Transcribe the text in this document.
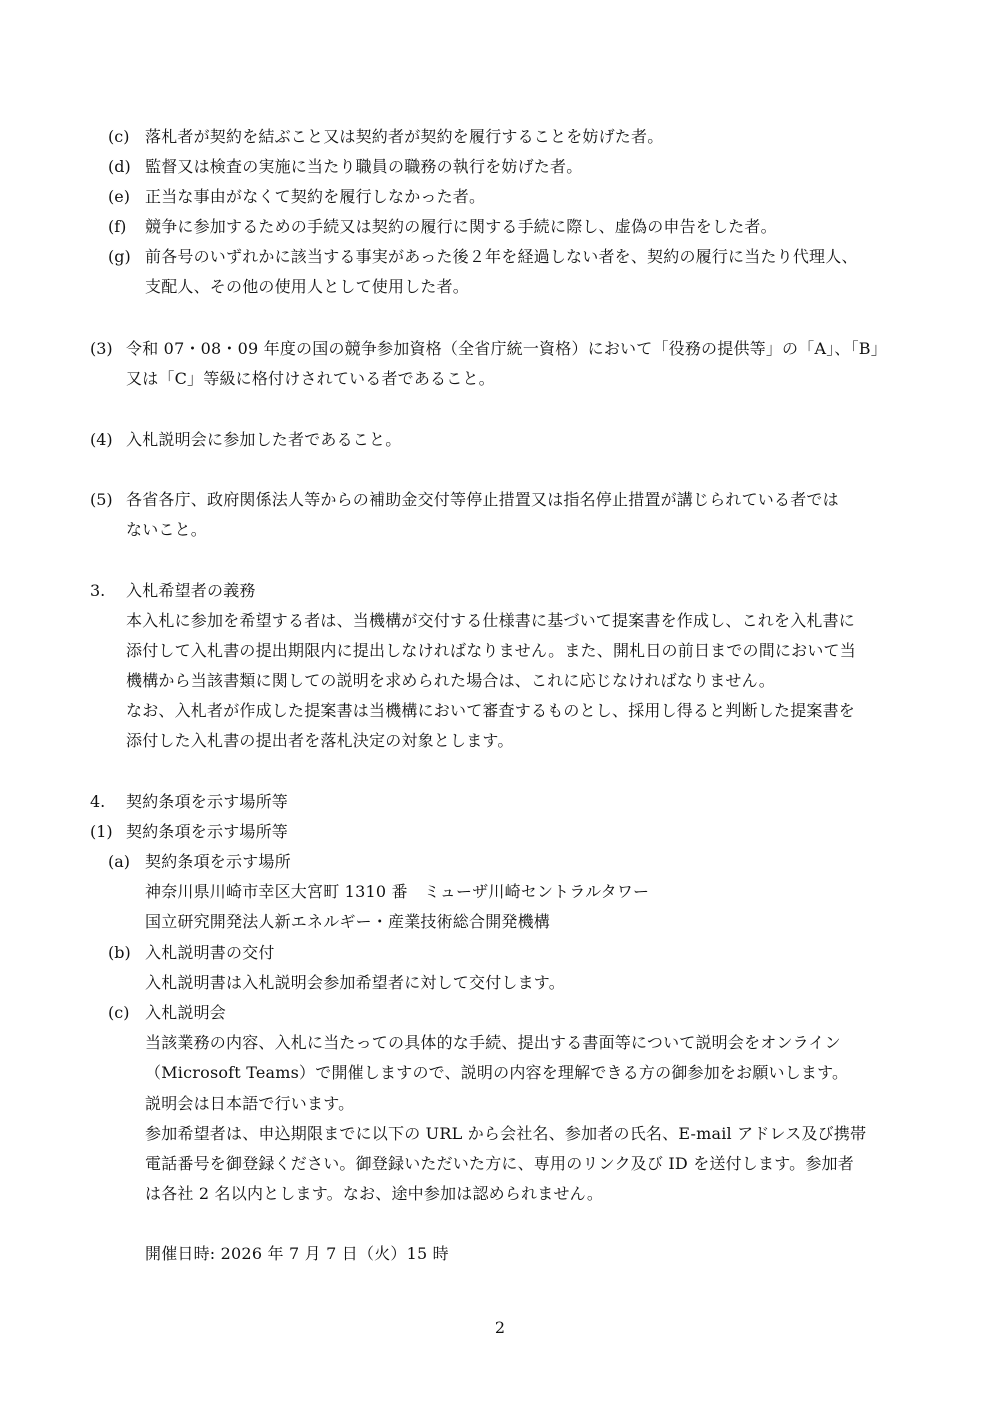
(c) 落札者が契約を結ぶこと又は契約者が契約を履行することを妨げた者。
(d) 監督又は検査の実施に当たり職員の職務の執行を妨げた者。
(e) 正当な事由がなくて契約を履行しなかった者。
(f) 競争に参加するための手続又は契約の履行に関する手続に際し、虚偽の申告をした者。
(g) 前各号のいずれかに該当する事実があった後２年を経過しない者を、契約の履行に当たり代理人、
支配人、その他の使用人として使用した者。
(3) 令和 07・08・09 年度の国の競争参加資格（全省庁統一資格）において「役務の提供等」の「A」、「B」
又は「C」等級に格付けされている者であること。
(4) 入札説明会に参加した者であること。
(5) 各省各庁、政府関係法人等からの補助金交付等停止措置又は指名停止措置が講じられている者では
ないこと。
3. 入札希望者の義務
本入札に参加を希望する者は、当機構が交付する仕様書に基づいて提案書を作成し、これを入札書に
添付して入札書の提出期限内に提出しなければなりません。また、開札日の前日までの間において当
機構から当該書類に関しての説明を求められた場合は、これに応じなければなりません。
なお、入札者が作成した提案書は当機構において審査するものとし、採用し得ると判断した提案書を
添付した入札書の提出者を落札決定の対象とします。
4. 契約条項を示す場所等
(1) 契約条項を示す場所等
(a) 契約条項を示す場所
神奈川県川崎市幸区大宮町 1310 番　ミューザ川崎セントラルタワー
国立研究開発法人新エネルギー・産業技術総合開発機構
(b) 入札説明書の交付
入札説明書は入札説明会参加希望者に対して交付します。
(c) 入札説明会
当該業務の内容、入札に当たっての具体的な手続、提出する書面等について説明会をオンライン
（Microsoft Teams）で開催しますので、説明の内容を理解できる方の御参加をお願いします。
説明会は日本語で行います。
参加希望者は、申込期限までに以下の URL から会社名、参加者の氏名、E-mail アドレス及び携帯
電話番号を御登録ください。御登録いただいた方に、専用のリンク及び ID を送付します。参加者
は各社 2 名以内とします。なお、途中参加は認められません。
開催日時: 2026 年 7 月 7 日（火）15 時
2
